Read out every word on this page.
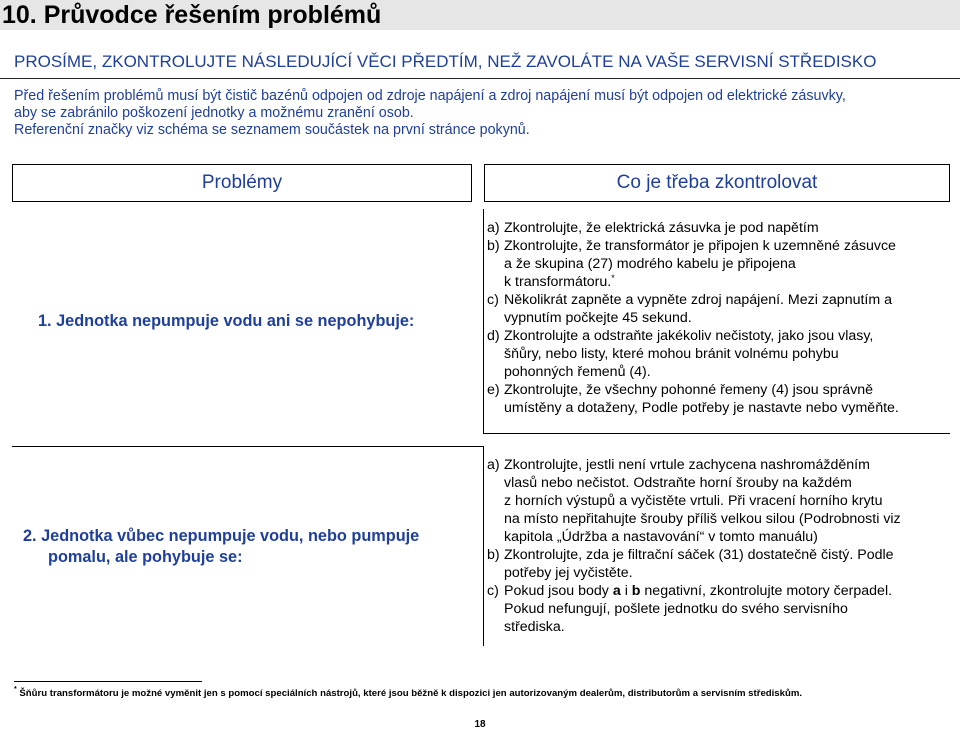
10. Průvodce řešením problémů
PROSÍME, ZKONTROLUJTE NÁSLEDUJÍCÍ VĚCI PŘEDTÍM, NEŽ ZAVOLÁTE NA VAŠE SERVISNÍ STŘEDISKO
Před řešením problémů musí být čistič bazénů odpojen od zdroje napájení a zdroj napájení musí být odpojen od elektrické zásuvky,
aby se zabránilo poškození jednotky a možnému zranění osob.
Referenční značky viz schéma se seznamem součástek na první stránce pokynů.
Problémy	Co je třeba zkontrolovat
1. Jednotka nepumpuje vodu ani se nepohybuje:
a) Zkontrolujte, že elektrická zásuvka je pod napětím
b) Zkontrolujte, že transformátor je připojen k uzemněné zásuvce
a že skupina (27) modrého kabelu je připojena
k transformátoru.*
c) Několikrát zapněte a vypněte zdroj napájení. Mezi zapnutím a
vypnutím počkejte 45 sekund.
d) Zkontrolujte a odstraňte jakékoliv nečistoty, jako jsou vlasy,
šňůry, nebo listy, které mohou bránit volnému pohybu
pohonných řemenů (4).
e) Zkontrolujte, že všechny pohonné řemeny (4) jsou správně
umístěny a dotaženy, Podle potřeby je nastavte nebo vyměňte.
2. Jednotka vůbec nepumpuje vodu, nebo pumpuje
pomalu, ale pohybuje se:
a) Zkontrolujte, jestli není vrtule zachycena nashromážděním
vlasů nebo nečistot. Odstraňte horní šrouby na každém
z horních výstupů a vyčistěte vrtuli. Při vracení horního krytu
na místo nepřitahujte šrouby příliš velkou silou (Podrobnosti viz
kapitola „Údržba a nastavování“ v tomto manuálu)
b) Zkontrolujte, zda je filtrační sáček (31) dostatečně čistý. Podle
potřeby jej vyčistěte.
c) Pokud jsou body a i b negativní, zkontrolujte motory čerpadel.
Pokud nefungují, pošlete jednotku do svého servisního
střediska.
* Šňůru transformátoru je možné vyměnit jen s pomocí speciálních nástrojů, které jsou běžně k dispozici jen autorizovaným dealerům, distributorům a servisním střediskům.
18
